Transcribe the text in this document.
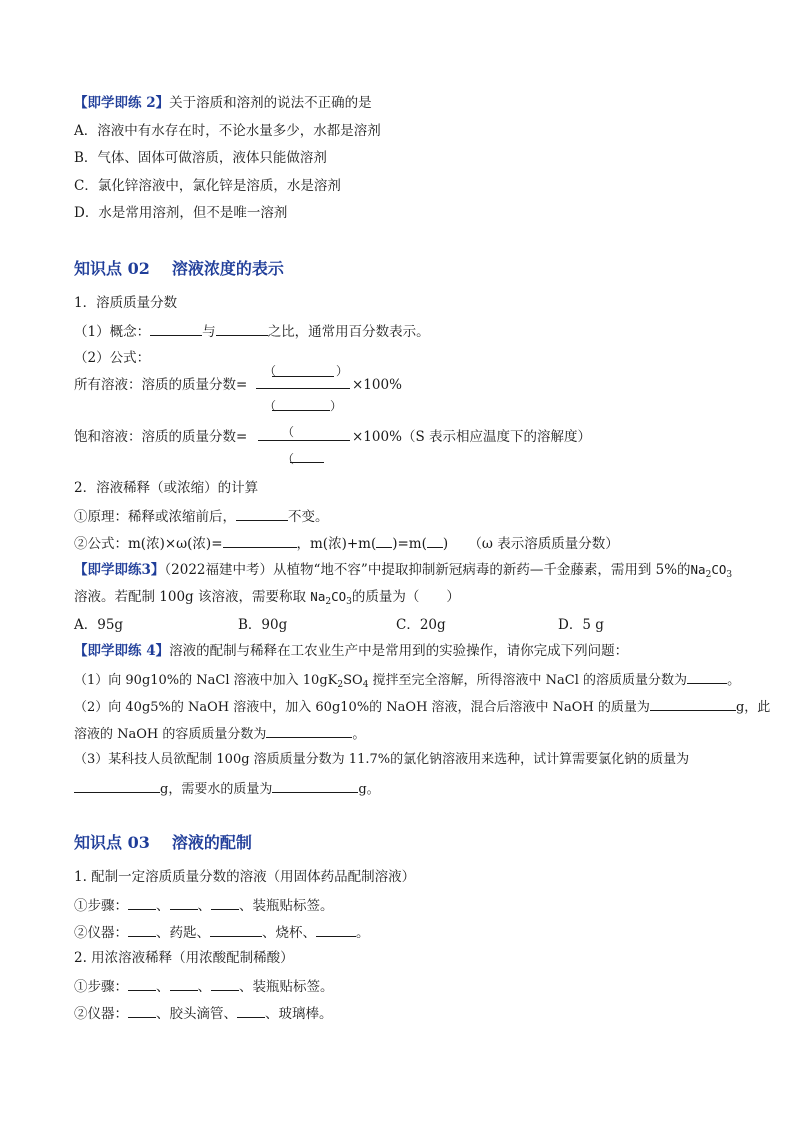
【即学即练 2】关于溶质和溶剂的说法不正确的是
A．溶液中有水存在时，不论水量多少，水都是溶剂
B．气体、固体可做溶质，液体只能做溶剂
C．氯化锌溶液中，氯化锌是溶质，水是溶剂
D．水是常用溶剂，但不是唯一溶剂
知识点 02 溶液浓度的表示
1．溶质质量分数
（1）概念：	与	之比，通常用百分数表示。
（2）公式：
所有溶液：溶质的质量分数=
（	）
×100%
（	）
饱和溶液：溶质的质量分数=	（ _ ×100% （S 表示相应温度下的溶解度）
（
2．溶液稀释（或浓缩）的计算
①原理：稀释或浓缩前后，	不变。
②公式：m(浓)×ω(浓)=	，m(浓)+m( )=m( )　　 （ω 表示溶质质量分数）
【即学即练3】（2022福建中考）从植物“地不容”中提取抑制新冠病毒的新药—千金藤素，需用到 5%的$Na_2CO_3$
溶液。若配制 100g 该溶液，需要称取 $Na_2CO_3$的质量为（　　）
A．95g	B．90g	C．20g	D．5 g
【即学即练 4】溶液的配制与稀释在工农业生产中是常用到的实验操作，请你完成下列问题：
（1）向 90g10%的 NaCl 溶液中加入 $10gK_2SO_4$ 搅拌至完全溶解，所得溶液中 NaCl 的溶质质量分数为	。
（2）向 40g5%的 NaOH 溶液中，加入 60g10%的 NaOH 溶液，混合后溶液中 NaOH 的质量为	g，此
溶液的 NaOH 的容质质量分数为	。
（3）某科技人员欲配制 100g 溶质质量分数为 11.7%的氯化钠溶液用来选种，试计算需要氯化钠的质量为
g，需要水的质量为	g。
知识点 03 溶液的配制
1. 配制一定溶质质量分数的溶液（用固体药品配制溶液）
①步骤： 、 、 、装瓶贴标签。
②仪器： 、药匙、	、烧杯、	。
2. 用浓溶液稀释（用浓酸配制稀酸）
①步骤： 、 、 、装瓶贴标签。
②仪器： 、胶头滴管、 、玻璃棒。
